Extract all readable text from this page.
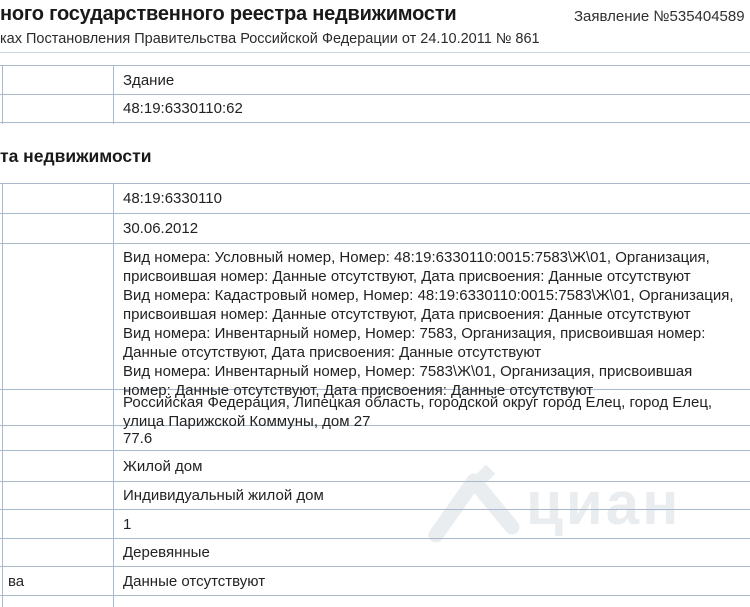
циан
ного государственного реестра недвижимости	Заявление №535404589
ках Постановления Правительства Российской Федерации от 24.10.2011 № 861
Здание
48:19:6330110:62
та недвижимости
48:19:6330110
30.06.2012

Вид номера: Условный номер, Номер: 48:19:6330110:0015:7583\Ж\01, Организация, присвоившая номер: Данные отсутствуют, Дата присвоения: Данные отсутствуют

Вид номера: Кадастровый номер, Номер: 48:19:6330110:0015:7583\Ж\01, Организация, присвоившая номер: Данные отсутствуют, Дата присвоения: Данные отсутствуют

Вид номера: Инвентарный номер, Номер: 7583, Организация, присвоившая номер: Данные отсутствуют, Дата присвоения: Данные отсутствуют

Вид номера: Инвентарный номер, Номер: 7583\Ж\01, Организация, присвоившая номер: Данные отсутствуют, Дата присвоения: Данные отсутствуют

Российская Федерация, Липецкая область, городской округ город Елец, город Елец, улица Парижской Коммуны, дом 27
77.6
Жилой дом
Индивидуальный жилой дом
1
Деревянные
ва	Данные отсутствуют
